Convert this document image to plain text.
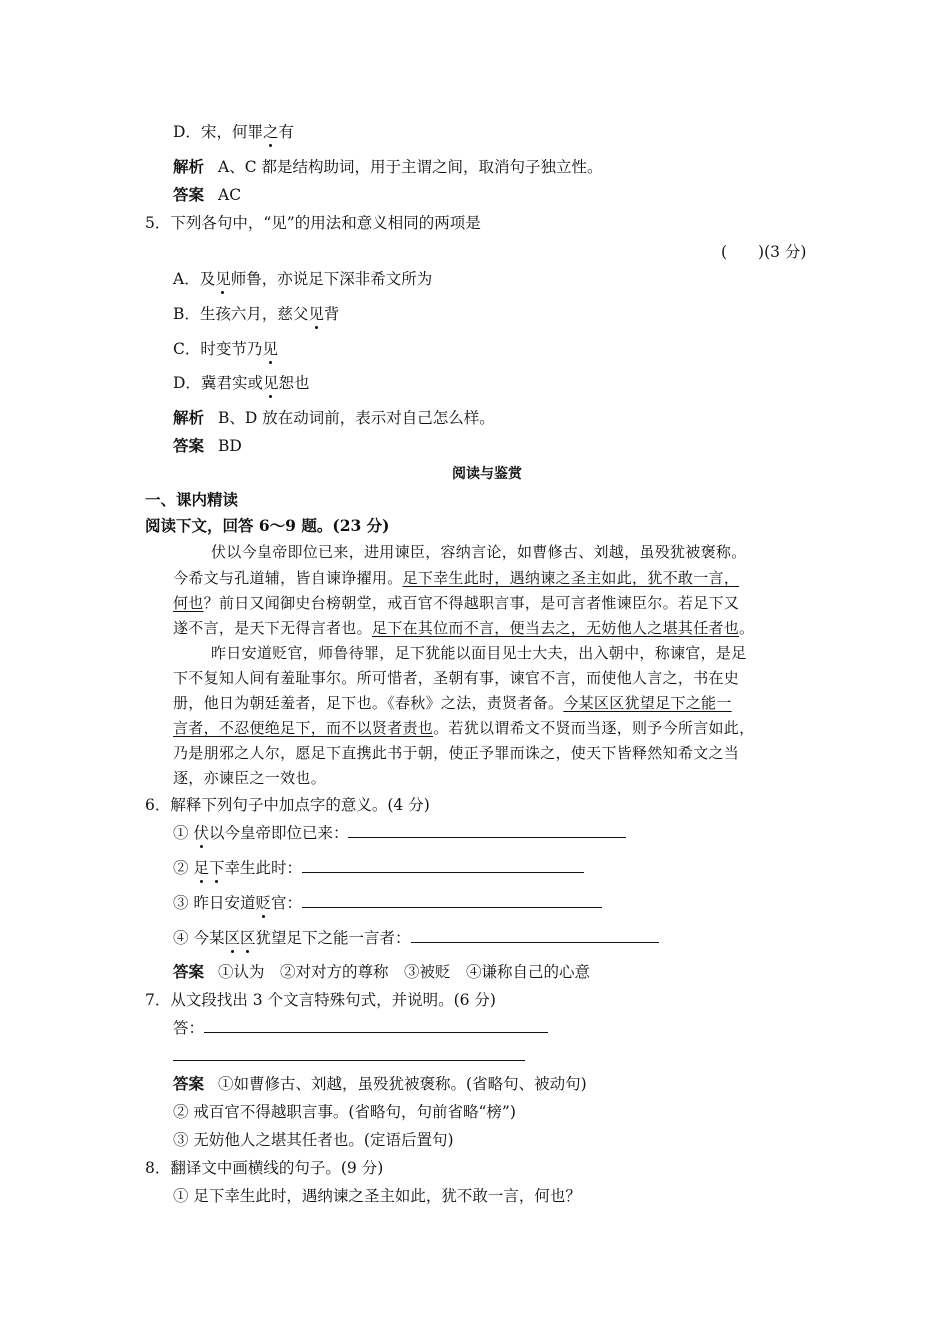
D．宋，何罪之有
解析 A、C 都是结构助词，用于主谓之间，取消句子独立性。
答案 AC
5．下列各句中，“见”的用法和意义相同的两项是
(　　)(3 分)
A．及见师鲁，亦说足下深非希文所为
B．生孩六月，慈父见背
C．时变节乃见
D．冀君实或见恕也
解析 B、D 放在动词前，表示对自己怎么样。
答案 BD
阅读与鉴赏
一、课内精读
阅读下文，回答 6～9 题。(23 分)
伏以今皇帝即位已来，进用谏臣，容纳言论，如曹修古、刘越，虽殁犹被褒称。
今希文与孔道辅，皆自谏诤擢用。足下幸生此时，遇纳谏之圣主如此，犹不敢一言，
何也？前日又闻御史台榜朝堂，戒百官不得越职言事，是可言者惟谏臣尔。若足下又
遂不言，是天下无得言者也。足下在其位而不言，便当去之，无妨他人之堪其任者也。
昨日安道贬官，师鲁待罪，足下犹能以面目见士大夫，出入朝中，称谏官，是足
下不复知人间有羞耻事尔。所可惜者，圣朝有事，谏官不言，而使他人言之，书在史
册，他日为朝廷羞者，足下也。《春秋》之法，责贤者备。今某区区犹望足下之能一
言者，不忍便绝足下，而不以贤者责也。若犹以谓希文不贤而当逐，则予今所言如此，
乃是朋邪之人尔，愿足下直携此书于朝，使正予罪而诛之，使天下皆释然知希文之当
逐，亦谏臣之一效也。
6．解释下列句子中加点字的意义。(4 分)
① 伏以今皇帝即位已来：
② 足下幸生此时：
③ 昨日安道贬官：
④ 今某区区犹望足下之能一言者：
答案 ①认为　②对对方的尊称　③被贬　④谦称自己的心意
7．从文段找出 3 个文言特殊句式，并说明。(6 分)
答：
答案 ①如曹修古、刘越，虽殁犹被褒称。(省略句、被动句)
② 戒百官不得越职言事。(省略句，句前省略“榜”)
③ 无妨他人之堪其任者也。(定语后置句)
8．翻译文中画横线的句子。(9 分)
① 足下幸生此时，遇纳谏之圣主如此，犹不敢一言，何也？
